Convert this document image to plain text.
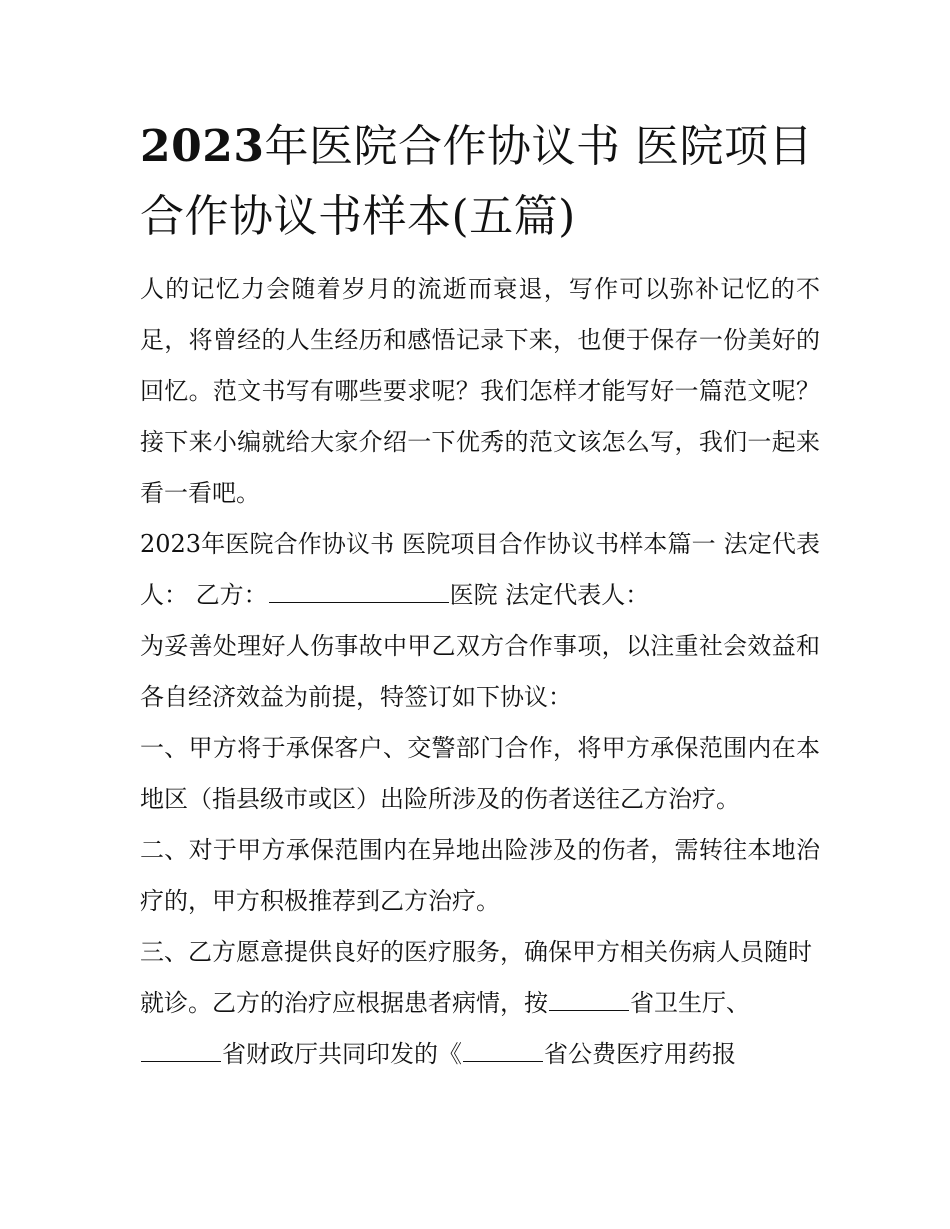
2023年医院合作协议书 医院项目合作协议书样本(五篇)

人的记忆力会随着岁月的流逝而衰退，写作可以弥补记忆的不足，将曾经的人生经历和感悟记录下来，也便于保存一份美好的回忆。范文书写有哪些要求呢？我们怎样才能写好一篇范文呢？接下来小编就给大家介绍一下优秀的范文该怎么写，我们一起来看一看吧。

2023年医院合作协议书 医院项目合作协议书样本篇一 法定代表人： 乙方：	医院 法定代表人：

为妥善处理好人伤事故中甲乙双方合作事项，以注重社会效益和各自经济效益为前提，特签订如下协议：

一、甲方将于承保客户、交警部门合作，将甲方承保范围内在本地区（指县级市或区）出险所涉及的伤者送往乙方治疗。

二、对于甲方承保范围内在异地出险涉及的伤者，需转往本地治疗的，甲方积极推荐到乙方治疗。

三、乙方愿意提供良好的医疗服务，确保甲方相关伤病人员随时就诊。乙方的治疗应根据患者病情，按	省卫生厅、省财政厅共同印发的《	省公费医疗用药报
